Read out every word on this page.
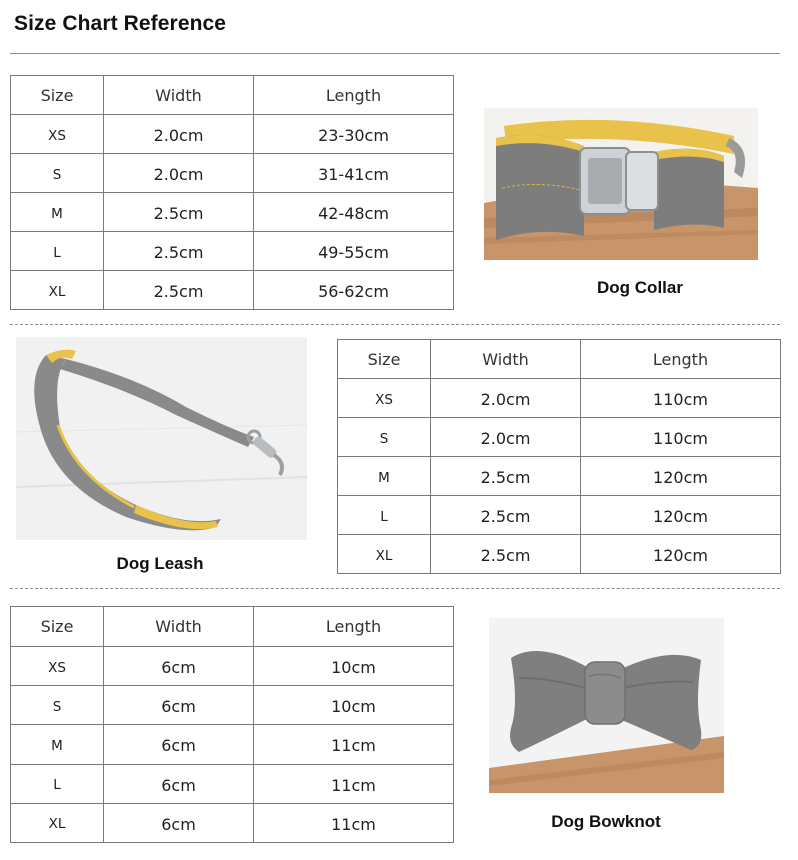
Size Chart Reference
Size	Width	Length
XS	2.0cm	23-30cm
S	2.0cm	31-41cm
M	2.5cm	42-48cm
L	2.5cm	49-55cm
XL	2.5cm	56-62cm	Dog Collar
Dog Leash
Size	Width	Length
XS	2.0cm	110cm
S	2.0cm	110cm
M	2.5cm	120cm
L	2.5cm	120cm
XL	2.5cm	120cm
Size	Width	Length
XS	6cm	10cm
S	6cm	10cm
M	6cm	11cm
L	6cm	11cm
XL	6cm	11cm	Dog Bowknot
